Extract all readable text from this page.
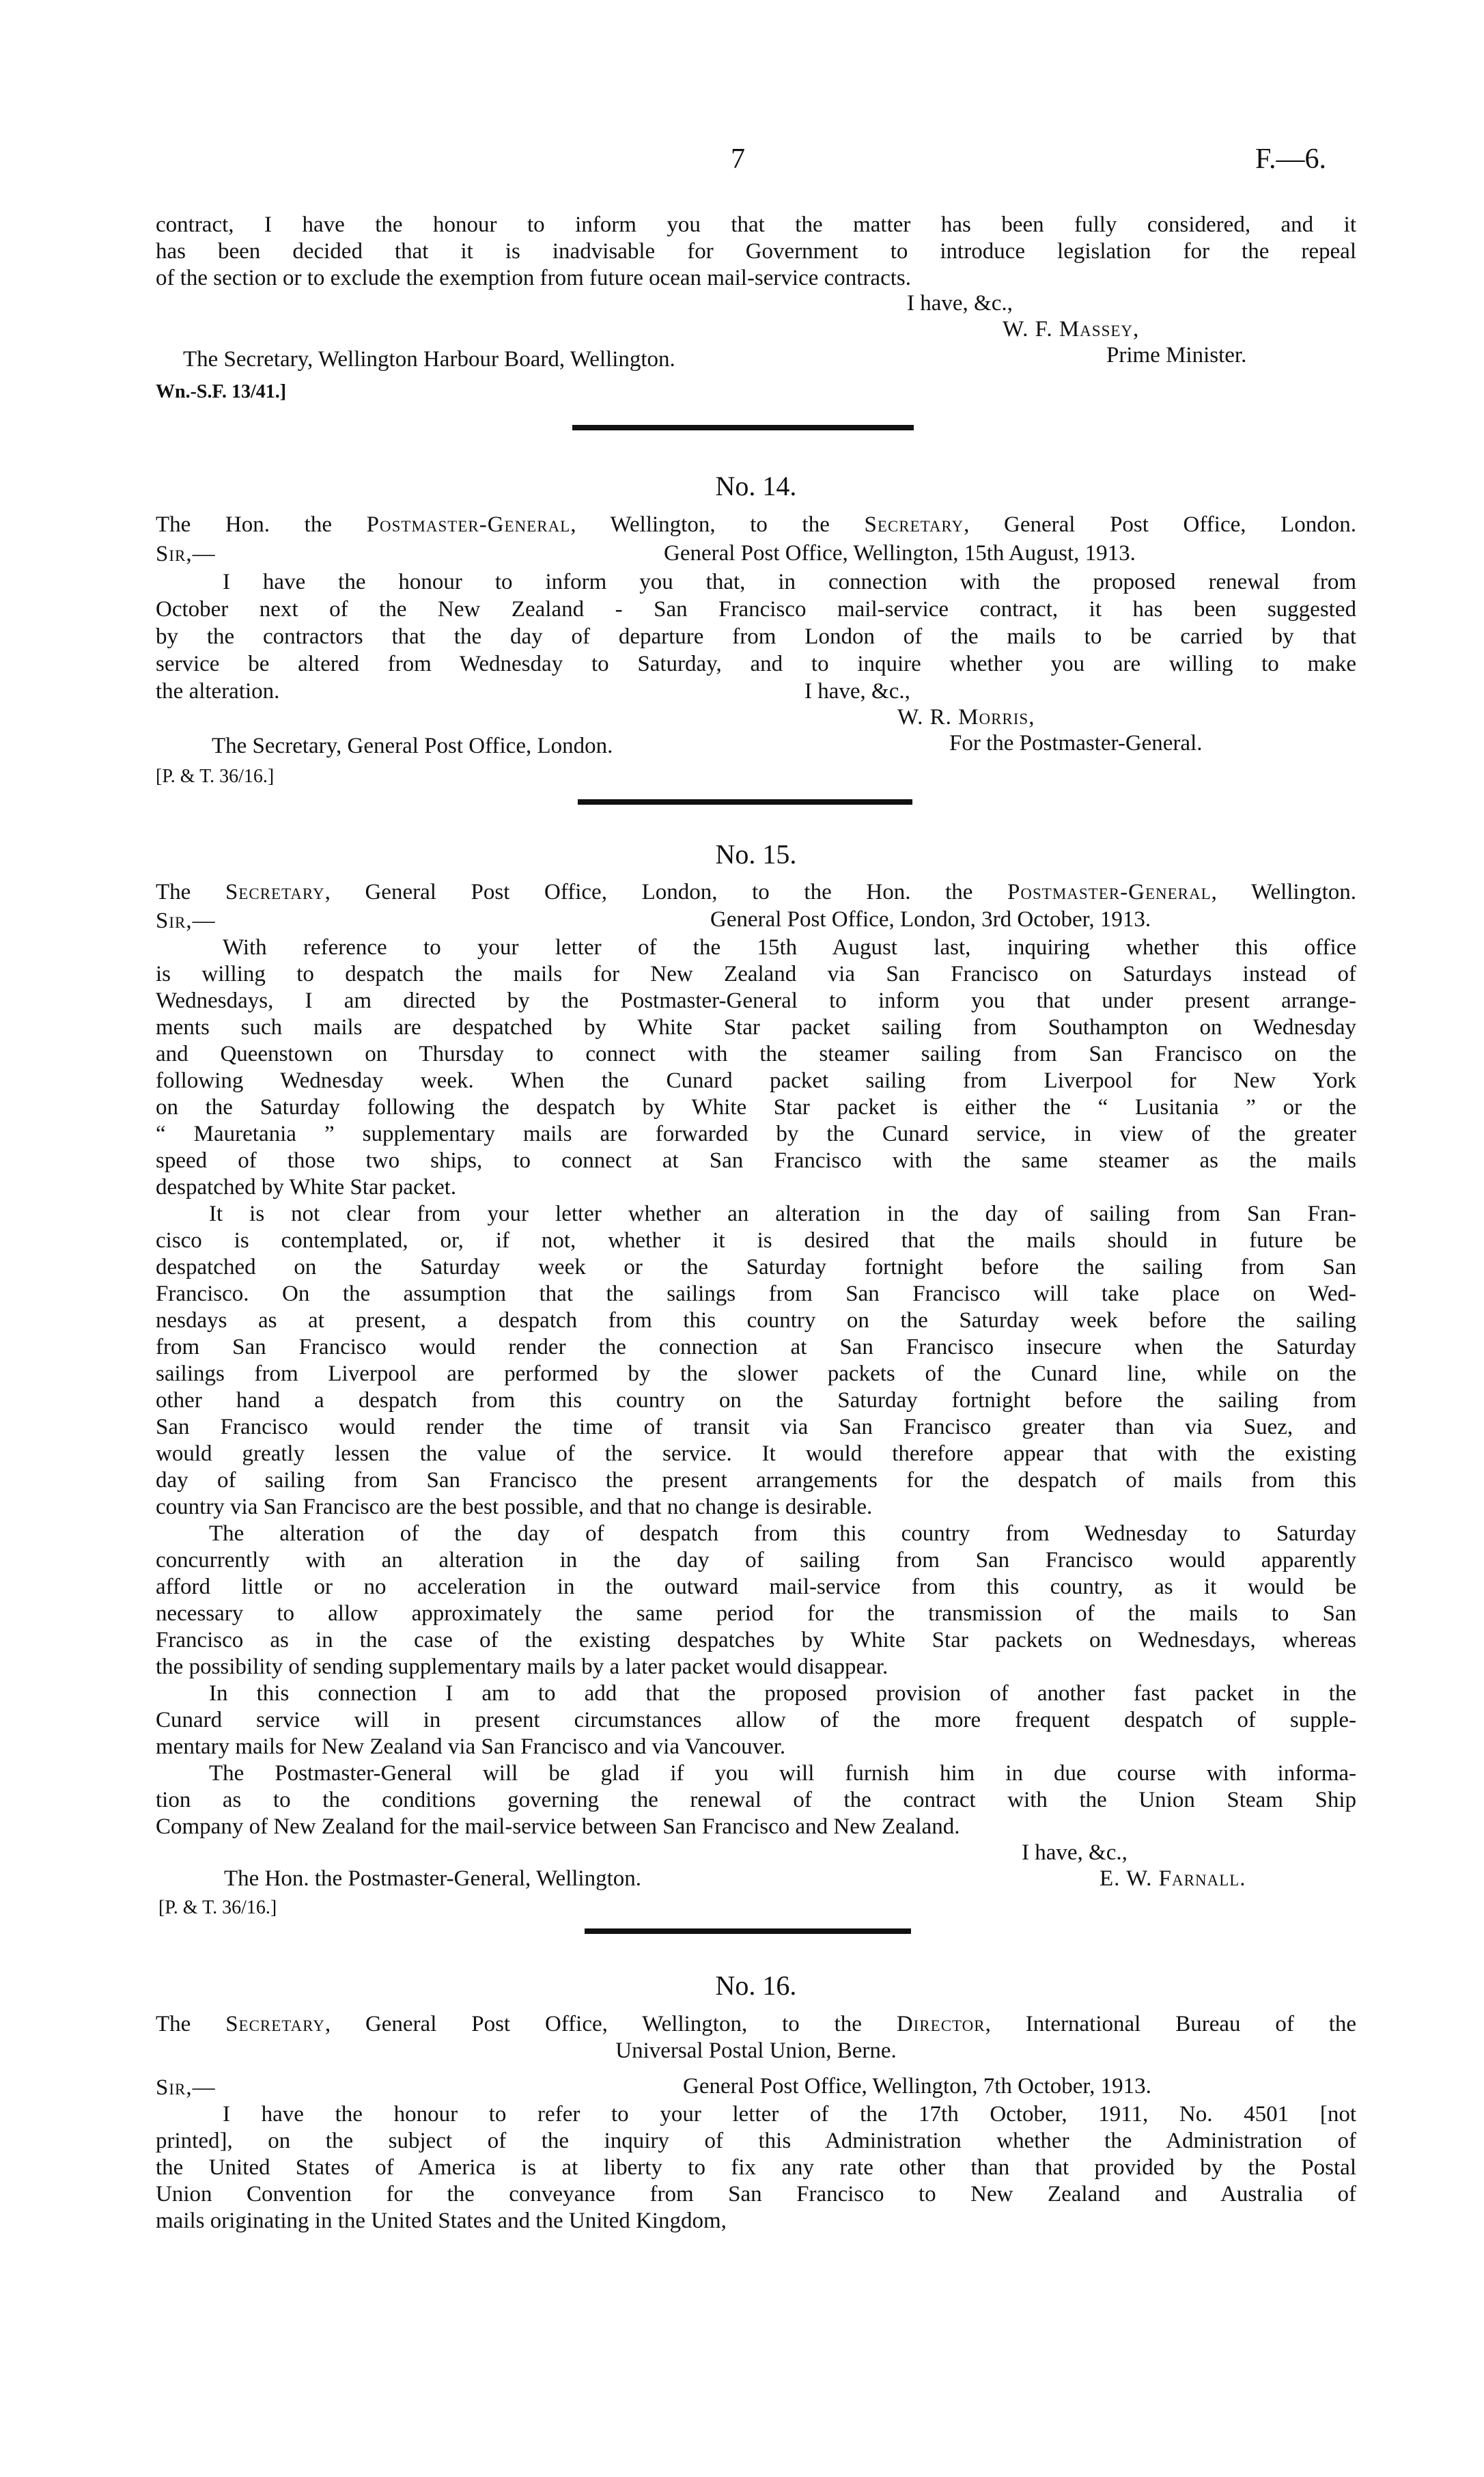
7	F.—6.
contract, I have the honour to inform you that the matter has been fully considered, and it
has been decided that it is inadvisable for Government to introduce legislation for the repeal
of the section or to exclude the exemption from future ocean mail-service contracts.
I have, &c.,
W. F. Massey,
The Secretary, Wellington Harbour Board, Wellington.	Prime Minister.
Wn.-S.F. 13/41.]
No. 14.
The Hon. the Postmaster-General, Wellington, to the Secretary, General Post Office, London.
Sir,—	General Post Office, Wellington, 15th August, 1913.
I have the honour to inform you that, in connection with the proposed renewal from
October next of the New Zealand - San Francisco mail-service contract, it has been suggested
by the contractors that the day of departure from London of the mails to be carried by that
service be altered from Wednesday to Saturday, and to inquire whether you are willing to make
the alteration.	I have, &c.,
W. R. Morris,
The Secretary, General Post Office, London.	For the Postmaster-General.
[P. & T. 36/16.]
No. 15.
The Secretary, General Post Office, London, to the Hon. the Postmaster-General, Wellington.
Sir,—	General Post Office, London, 3rd October, 1913.
With reference to your letter of the 15th August last, inquiring whether this office
is willing to despatch the mails for New Zealand via San Francisco on Saturdays instead of
Wednesdays, I am directed by the Postmaster-General to inform you that under present arrange-
ments such mails are despatched by White Star packet sailing from Southampton on Wednesday
and Queenstown on Thursday to connect with the steamer sailing from San Francisco on the
following Wednesday week. When the Cunard packet sailing from Liverpool for New York
on the Saturday following the despatch by White Star packet is either the “ Lusitania ” or the
“ Mauretania ” supplementary mails are forwarded by the Cunard service, in view of the greater
speed of those two ships, to connect at San Francisco with the same steamer as the mails
despatched by White Star packet.
It is not clear from your letter whether an alteration in the day of sailing from San Fran-
cisco is contemplated, or, if not, whether it is desired that the mails should in future be
despatched on the Saturday week or the Saturday fortnight before the sailing from San
Francisco. On the assumption that the sailings from San Francisco will take place on Wed-
nesdays as at present, a despatch from this country on the Saturday week before the sailing
from San Francisco would render the connection at San Francisco insecure when the Saturday
sailings from Liverpool are performed by the slower packets of the Cunard line, while on the
other hand a despatch from this country on the Saturday fortnight before the sailing from
San Francisco would render the time of transit via San Francisco greater than via Suez, and
would greatly lessen the value of the service. It would therefore appear that with the existing
day of sailing from San Francisco the present arrangements for the despatch of mails from this
country via San Francisco are the best possible, and that no change is desirable.
The alteration of the day of despatch from this country from Wednesday to Saturday
concurrently with an alteration in the day of sailing from San Francisco would apparently
afford little or no acceleration in the outward mail-service from this country, as it would be
necessary to allow approximately the same period for the transmission of the mails to San
Francisco as in the case of the existing despatches by White Star packets on Wednesdays, whereas
the possibility of sending supplementary mails by a later packet would disappear.
In this connection I am to add that the proposed provision of another fast packet in the
Cunard service will in present circumstances allow of the more frequent despatch of supple-
mentary mails for New Zealand via San Francisco and via Vancouver.
The Postmaster-General will be glad if you will furnish him in due course with informa-
tion as to the conditions governing the renewal of the contract with the Union Steam Ship
Company of New Zealand for the mail-service between San Francisco and New Zealand.
I have, &c.,
The Hon. the Postmaster-General, Wellington.	E. W. Farnall.
[P. & T. 36/16.]
No. 16.
The Secretary, General Post Office, Wellington, to the Director, International Bureau of the
Universal Postal Union, Berne.
Sir,—	General Post Office, Wellington, 7th October, 1913.
I have the honour to refer to your letter of the 17th October, 1911, No. 4501 [not
printed], on the subject of the inquiry of this Administration whether the Administration of
the United States of America is at liberty to fix any rate other than that provided by the Postal
Union Convention for the conveyance from San Francisco to New Zealand and Australia of
mails originating in the United States and the United Kingdom,
